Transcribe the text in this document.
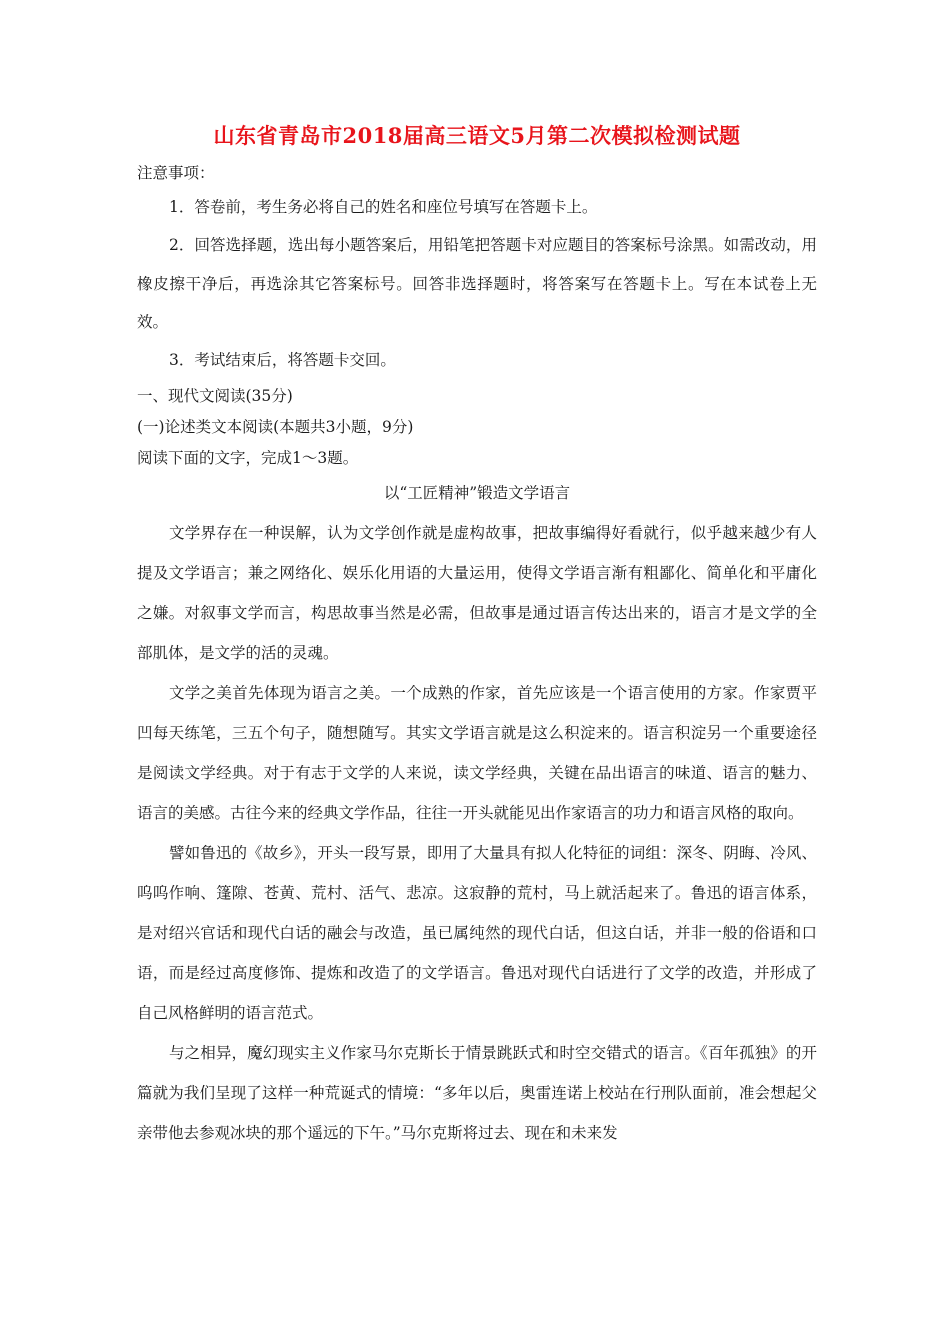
山东省青岛市2018届高三语文5月第二次模拟检测试题

注意事项：

1．答卷前，考生务必将自己的姓名和座位号填写在答题卡上。

2．回答选择题，选出每小题答案后，用铅笔把答题卡对应题目的答案标号涂黑。如需改动，用橡皮擦干净后，再选涂其它答案标号。回答非选择题时，将答案写在答题卡上。写在本试卷上无效。

3．考试结束后，将答题卡交回。

一、现代文阅读(35分)

(一)论述类文本阅读(本题共3小题，9分)

阅读下面的文字，完成1～3题。

以“工匠精神”锻造文学语言

文学界存在一种误解，认为文学创作就是虚构故事，把故事编得好看就行，似乎越来越少有人提及文学语言；兼之网络化、娱乐化用语的大量运用，使得文学语言渐有粗鄙化、简单化和平庸化之嫌。对叙事文学而言，构思故事当然是必需，但故事是通过语言传达出来的，语言才是文学的全部肌体，是文学的活的灵魂。

文学之美首先体现为语言之美。一个成熟的作家，首先应该是一个语言使用的方家。作家贾平凹每天练笔，三五个句子，随想随写。其实文学语言就是这么积淀来的。语言积淀另一个重要途径是阅读文学经典。对于有志于文学的人来说，读文学经典，关键在品出语言的味道、语言的魅力、语言的美感。古往今来的经典文学作品，往往一开头就能见出作家语言的功力和语言风格的取向。

譬如鲁迅的《故乡》，开头一段写景，即用了大量具有拟人化特征的词组：深冬、阴晦、冷风、呜呜作响、篷隙、苍黄、荒村、活气、悲凉。这寂静的荒村，马上就活起来了。鲁迅的语言体系，是对绍兴官话和现代白话的融会与改造，虽已属纯然的现代白话，但这白话，并非一般的俗语和口语，而是经过高度修饰、提炼和改造了的文学语言。鲁迅对现代白话进行了文学的改造，并形成了自己风格鲜明的语言范式。

与之相异，魔幻现实主义作家马尔克斯长于情景跳跃式和时空交错式的语言。《百年孤独》的开篇就为我们呈现了这样一种荒诞式的情境：“多年以后，奥雷连诺上校站在行刑队面前，准会想起父亲带他去参观冰块的那个遥远的下午。”马尔克斯将过去、现在和未来发
